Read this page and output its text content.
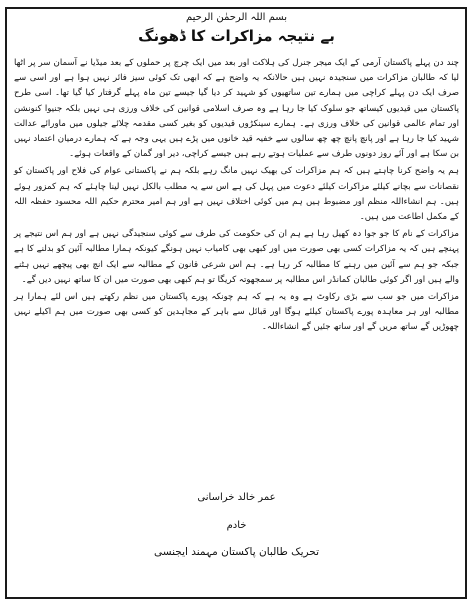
بسم اللہ الرحمٰن الرحیم
بے نتیجہ مزاکرات کا ڈھونگ

چند دن پہلے پاکستان آرمی کے ایک میجر جنرل کی ہلاکت اور بعد میں ایک چرچ پر حملوں کے بعد میڈیا نے آسمان سر پر اٹھا لیا کہ طالبان مزاکرات میں سنجیدہ نہیں ہیں حالانکہ یہ واضح ہے کہ ابھی تک کوئی سیز فائر نہیں ہوا ہے اور اسی سے صرف ایک دن پہلے کراچی میں ہمارے تین ساتھیوں کو شہید کر دیا گیا جیسے تین ماہ پہلے گرفتار کیا گیا تھا۔ اسی طرح پاکستان میں قیدیوں کیساتھ جو سلوک کیا جا رہا ہے وہ صرف اسلامی قوانین کی خلاف ورزی ہی نہیں بلکہ جنیوا کنونشن اور تمام عالمی قوانین کی خلاف ورزی ہے۔ ہمارے سینکڑوں قیدیوں کو بغیر کسی مقدمہ چلائے جیلوں میں ماورائے عدالت شہید کیا جا رہا ہے اور پانچ پانچ چھ چھ سالوں سے خفیہ قید خانوں میں پڑے ہیں یہی وجہ ہے کہ ہمارے درمیان اعتماد نہیں بن سکا ہے اور آئے روز دونوں طرف سے عملیات ہوتے رہے ہیں جیسے کراچی، دیر اور گمان کے واقعات ہوئے۔

ہم یہ واضح کرنا چاہتے ہیں کہ ہم مزاکرات کی بھیک نہیں مانگ رہے بلکہ ہم نے پاکستانی عوام کی فلاح اور پاکستان کو نقصانات سے بچانے کیلئے مزاکرات کیلئے دعوت میں پہل کی ہے اس سے یہ مطلب بالکل نہیں لینا چاہئے کہ ہم کمزور ہوئے ہیں۔ ہم انشاءاللہ منظم اور مضبوط ہیں ہم میں کوئی اختلاف نہیں ہے اور ہم امیر محترم حکیم اللہ محسود حفظہ اللہ کے مکمل اطاعت میں ہیں۔

مزاکرات کے نام کا جو جوا دہ کھیل رہا ہے ہم ان کی حکومت کی طرف سے کوئی سنجیدگی نہیں ہے اور ہم اس نتیجے پر پہنچے ہیں کہ یہ مزاکرات کسی بھی صورت میں اور کبھی بھی کامیاب نہیں ہونگے کیونکہ ہمارا مطالبہ آئین کو بدلنے کا ہے جبکہ جو ہم سے آئین میں رہنے کا مطالبہ کر رہا ہے۔ ہم اس شرعی قانون کے مطالبہ سے ایک انچ بھی پیچھے نہیں ہٹنے والے ہیں اور اگر کوئی طالبان کمانڈر اس مطالبہ پر سمجھوتہ کریگا تو ہم کبھی بھی صورت میں ان کا ساتھ نہیں دیں گے۔

مزاکرات میں جو سب سے بڑی رکاوٹ ہے وہ یہ ہے کہ ہم چونکہ پورے پاکستان میں نظم رکھتے ہیں اس لئے ہمارا ہر مطالبہ اور ہر معاہدہ پورے پاکستان کیلئے ہوگا اور قبائل سے باہر کے مجاہدین کو کسی بھی صورت میں ہم اکیلے نہیں چھوڑیں گے ساتھ مریں گے اور ساتھ جئیں گے انشاءاللہ۔

عمر خالد خراسانی
خادم
تحریک طالبان پاکستان مہمند ایجنسی
